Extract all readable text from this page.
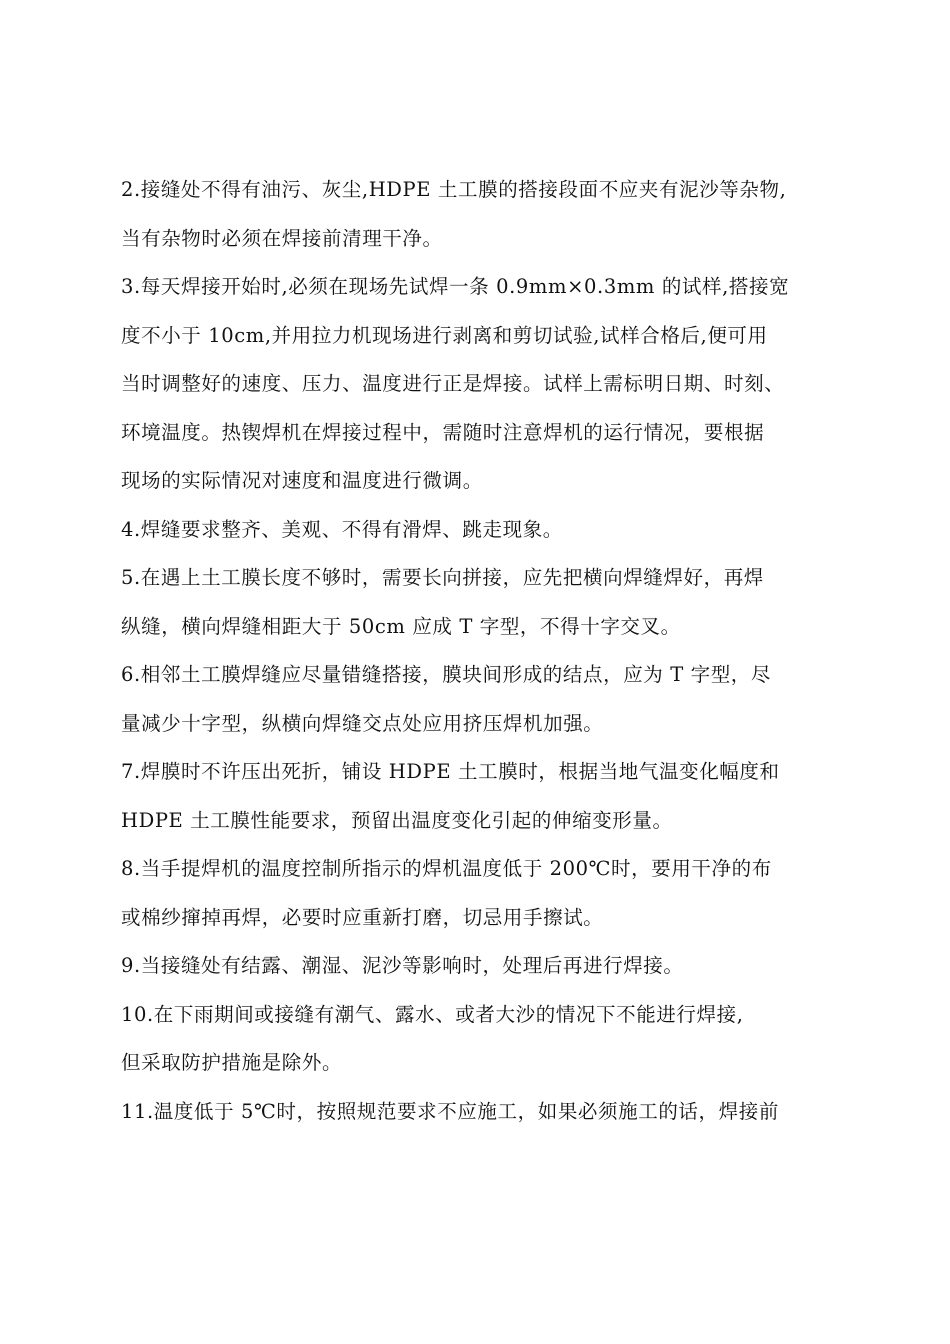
2.接缝处不得有油污、灰尘,HDPE 土工膜的搭接段面不应夹有泥沙等杂物,
当有杂物时必须在焊接前清理干净。
3.每天焊接开始时,必须在现场先试焊一条 0.9mm×0.3mm 的试样,搭接宽
度不小于 10cm,并用拉力机现场进行剥离和剪切试验,试样合格后,便可用
当时调整好的速度、压力、温度进行正是焊接。试样上需标明日期、时刻、
环境温度。热锲焊机在焊接过程中，需随时注意焊机的运行情况，要根据
现场的实际情况对速度和温度进行微调。
4.焊缝要求整齐、美观、不得有滑焊、跳走现象。
5.在遇上土工膜长度不够时，需要长向拼接，应先把横向焊缝焊好，再焊
纵缝，横向焊缝相距大于 50cm 应成 T 字型，不得十字交叉。
6.相邻土工膜焊缝应尽量错缝搭接，膜块间形成的结点，应为 T 字型，尽
量减少十字型，纵横向焊缝交点处应用挤压焊机加强。
7.焊膜时不许压出死折，铺设 HDPE 土工膜时，根据当地气温变化幅度和
HDPE 土工膜性能要求，预留出温度变化引起的伸缩变形量。
8.当手提焊机的温度控制所指示的焊机温度低于 200℃时，要用干净的布
或棉纱撺掉再焊，必要时应重新打磨，切忌用手擦试。
9.当接缝处有结露、潮湿、泥沙等影响时，处理后再进行焊接。
10.在下雨期间或接缝有潮气、露水、或者大沙的情况下不能进行焊接,
但采取防护措施是除外。
11.温度低于 5℃时，按照规范要求不应施工，如果必须施工的话，焊接前
